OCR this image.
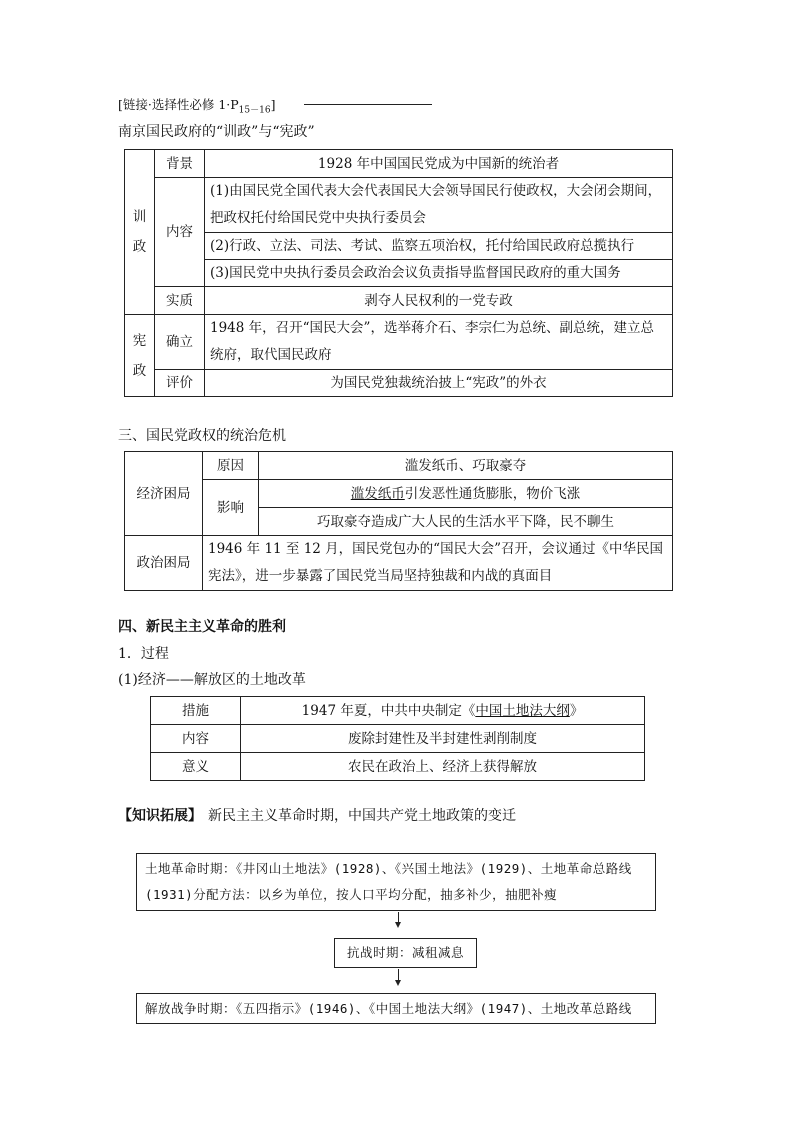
[链接·选择性必修 $1\cdot P_{15-16}$]
南京国民政府的“训政”与“宪政”
训政	背景	1928 年中国国民党成为中国新的统治者
	内容	(1)由国民党全国代表大会代表国民大会领导国民行使政权，大会闭会期间，把政权托付给国民党中央执行委员会

		(2)行政、立法、司法、考试、监察五项治权，托付给国民政府总揽执行
		(3)国民党中央执行委员会政治会议负责指导监督国民政府的重大国务
	实质	剥夺人民权利的一党专政

宪政	确立	1948 年，召开“国民大会”，选举蒋介石、李宗仁为总统、副总统，建立总统府，取代国民政府
	评价	为国民党独裁统治披上“宪政”的外衣
三、国民党政权的统治危机
经济困局	原因	滥发纸币、巧取豪夺
	影响	滥发纸币引发恶性通货膨胀，物价飞涨
		巧取豪夺造成广大人民的生活水平下降，民不聊生
政治困局	1946 年 11 至 12 月，国民党包办的“国民大会”召开，会议通过《中华民国宪法》，进一步暴露了国民党当局坚持独裁和内战的真面目	
四、新民主主义革命的胜利
1．过程
(1)经济——解放区的土地改革
措施	1947 年夏，中共中央制定《中国土地法大纲》
内容	废除封建性及半封建性剥削制度
意义	农民在政治上、经济上获得解放
【知识拓展】 新民主主义革命时期，中国共产党土地政策的变迁
土地革命时期：《井冈山土地法》(1928)、《兴国土地法》(1929)、土地革命总路线
(1931)分配方法：以乡为单位，按人口平均分配，抽多补少，抽肥补瘦
抗战时期：减租减息
解放战争时期：《五四指示》(1946)、《中国土地法大纲》(1947)、土地改革总路线
